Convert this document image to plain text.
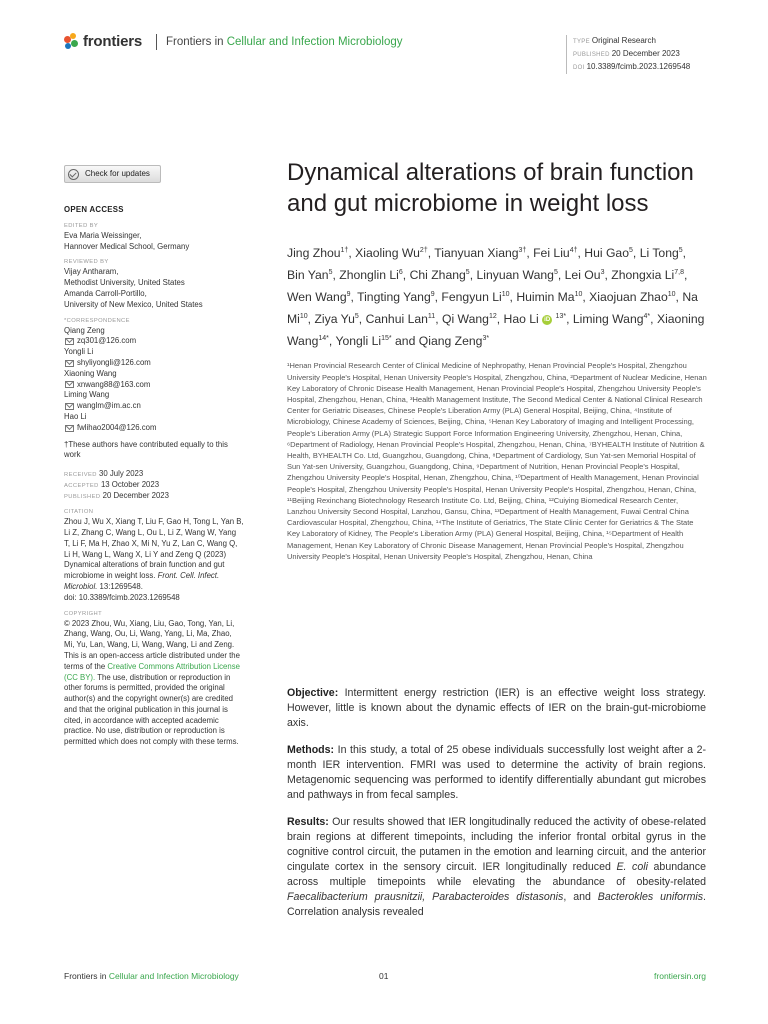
frontiers Frontiers in Cellular and Infection Microbiology	TYPE Original Research
PUBLISHED 20 December 2023
DOI 10.3389/fcimb.2023.1269548
Check for updates
OPEN ACCESS
EDITED BY
Eva Maria Weissinger,
Hannover Medical School, Germany
REVIEWED BY
Vijay Antharam,
Methodist University, United States
Amanda Carroll-Portillo,
University of New Mexico, United States
*CORRESPONDENCE
Qiang Zeng
zq301@126.com
Yongli Li
shyliyongli@126.com
Xiaoning Wang
xnwang88@163.com
Liming Wang
wanglm@im.ac.cn
Hao Li
fwlihao2004@126.com
†These authors have contributed equally to this work
RECEIVED 30 July 2023
ACCEPTED 13 October 2023
PUBLISHED 20 December 2023
CITATION
Zhou J, Wu X, Xiang T, Liu F, Gao H, Tong L, Yan B, Li Z, Zhang C, Wang L, Ou L, Li Z, Wang W, Yang T, Li F, Ma H, Zhao X, Mi N, Yu Z, Lan C, Wang Q, Li H, Wang L, Wang X, Li Y and Zeng Q (2023) Dynamical alterations of brain function and gut microbiome in weight loss. Front. Cell. Infect. Microbiol. 13:1269548.
doi: 10.3389/fcimb.2023.1269548
COPYRIGHT
© 2023 Zhou, Wu, Xiang, Liu, Gao, Tong, Yan, Li, Zhang, Wang, Ou, Li, Wang, Yang, Li, Ma, Zhao, Mi, Yu, Lan, Wang, Li, Wang, Wang, Li and Zeng. This is an open-access article distributed under the terms of the Creative Commons Attribution License (CC BY). The use, distribution or reproduction in other forums is permitted, provided the original author(s) and the copyright owner(s) are credited and that the original publication in this journal is cited, in accordance with accepted academic practice. No use, distribution or reproduction is permitted which does not comply with these terms.
Dynamical alterations of brain function and gut microbiome in weight loss
Jing Zhou$^{1\dagger}$, Xiaoling $Wu^{2\dagger}$, Tianyuan Xiang$^{3\dagger}$, Fei Liu$^{4\dagger}$, Hui Gao$^5$, Li Tong$^5$, Bin Yan$^5$, Zhonglin Li$^6$, Chi Zhang$^5$, Linyuan Wang$^5$, Lei Ou$^3$, Zhongxia Li$^{7,8}$, Wen Wang$^9$, Tingting Yang$^9$, Fengyun Li$^{10}$, Huimin Ma$^{10}$, Xiaojuan Zhao$^{10}$, Na Mi$^{10}$, Ziya Yu$^5$, Canhui Lan$^{11}$, Qi Wang$^{12}$, Hao Li iD $^{13*}$, Liming Wang$^{4*}$, Xiaoning Wang$^{14*}$, Yongli $Li^{15*}$ and Qiang Zeng$^{3*}$
¹Henan Provincial Research Center of Clinical Medicine of Nephropathy, Henan Provincial People's Hospital, Zhengzhou University People's Hospital, Henan University People's Hospital, Zhengzhou, China, ²Department of Nuclear Medicine, Henan Key Laboratory of Chronic Disease Health Management, Henan Provincial People's Hospital, Zhengzhou University People's Hospital, Zhengzhou, Henan, China, ³Health Management Institute, The Second Medical Center & National Clinical Research Center for Geriatric Diseases, Chinese People's Liberation Army (PLA) General Hospital, Beijing, China, ⁴Institute of Microbiology, Chinese Academy of Sciences, Beijing, China, ⁵Henan Key Laboratory of Imaging and Intelligent Processing, People's Liberation Army (PLA) Strategic Support Force Information Engineering University, Zhengzhou, Henan, China, ⁶Department of Radiology, Henan Provincial People's Hospital, Zhengzhou, Henan, China, ⁷BYHEALTH Institute of Nutrition & Health, BYHEALTH Co. Ltd, Guangzhou, Guangdong, China, ⁸Department of Cardiology, Sun Yat-sen Memorial Hospital of Sun Yat-sen University, Guangzhou, Guangdong, China, ⁹Department of Nutrition, Henan Provincial People's Hospital, Zhengzhou University People's Hospital, Henan, Zhengzhou, China, ¹⁰Department of Health Management, Henan Provincial People's Hospital, Zhengzhou University People's Hospital, Henan University People's Hospital, Zhengzhou, Henan, China, ¹¹Beijing Rexinchang Biotechnology Research Institute Co. Ltd, Beijing, China, ¹²Cuiying Biomedical Research Center, Lanzhou University Second Hospital, Lanzhou, Gansu, China, ¹³Department of Health Management, Fuwai Central China Cardiovascular Hospital, Zhengzhou, China, ¹⁴The Institute of Geriatrics, The State Clinic Center for Geriatrics & The State Key Laboratory of Kidney, The People's Liberation Army (PLA) General Hospital, Beijing, China, ¹⁵Department of Health Management, Henan Key Laboratory of Chronic Disease Management, Henan Provincial People's Hospital, Zhengzhou University People's Hospital, Henan University People's Hospital, Zhengzhou, Henan, China

Objective: Intermittent energy restriction (IER) is an effective weight loss strategy. However, little is known about the dynamic effects of IER on the brain-gut-microbiome axis.

Methods: In this study, a total of 25 obese individuals successfully lost weight after a 2-month IER intervention. FMRI was used to determine the activity of brain regions. Metagenomic sequencing was performed to identify differentially abundant gut microbes and pathways in from fecal samples.

Results: Our results showed that IER longitudinally reduced the activity of obese-related brain regions at different timepoints, including the inferior frontal orbital gyrus in the cognitive control circuit, the putamen in the emotion and learning circuit, and the anterior cingulate cortex in the sensory circuit. IER longitudinally reduced E. coli abundance across multiple timepoints while elevating the abundance of obesity-related Faecalibacterium prausnitzii, Parabacteroides distasonis, and Bacterokles uniformis. Correlation analysis revealed

Frontiers in Cellular and Infection Microbiology	01	frontiersin.org
